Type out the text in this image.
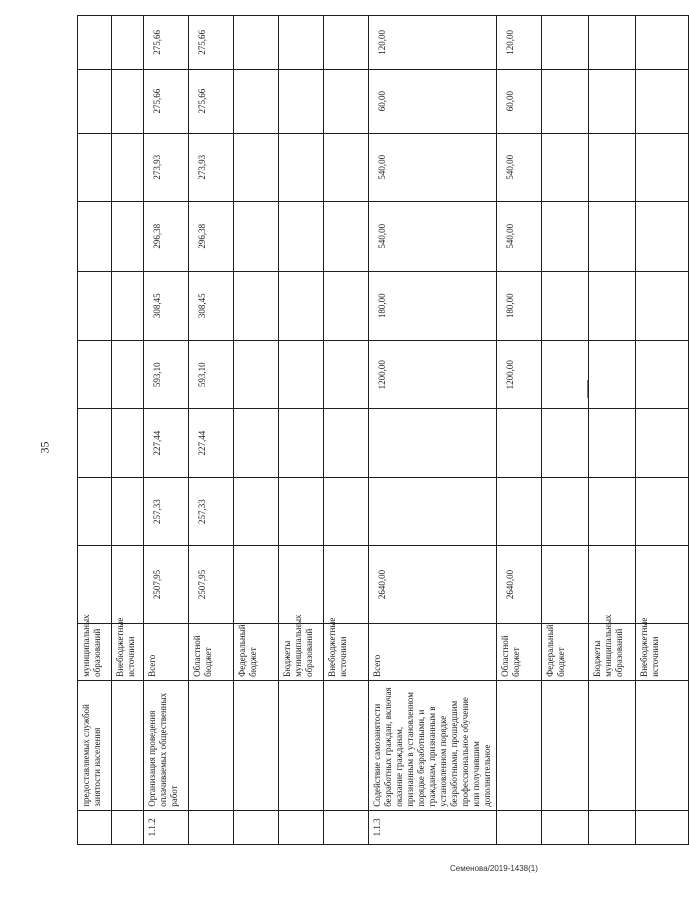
35
	предоставляемых службой занятости населения	муниципальных образований									
		Внебюджетные источники									
1.1.2	Организация проведения оплачиваемых общественных работ	Всего	2507,95	257,33	227,44	593,10	308,45	296,38	273,93	275,66	275,66
		Областной бюджет	2507,95	257,33	227,44	593,10	308,45	296,38	273,93	275,66	275,66
		Федеральный бюджет									
		Бюджеты муниципальных образований									
		Внебюджетные источники									
1.1.3	Содействие самозанятости безработных граждан, включая оказание гражданам, признанным в установленном порядке безработными, и гражданам, признанным в установленном порядке безработными, прошедшим профессиональное обучение или получившим дополнительное	Всего	2640,00			1200,00	180,00	540,00	540,00	60,00	120,00
		Областной бюджет	2640,00			1200,00	180,00	540,00	540,00	60,00	120,00
		Федеральный бюджет									
		Бюджеты муниципальных образований									
		Внебюджетные источники									
Семенова/2019-1438(1)
